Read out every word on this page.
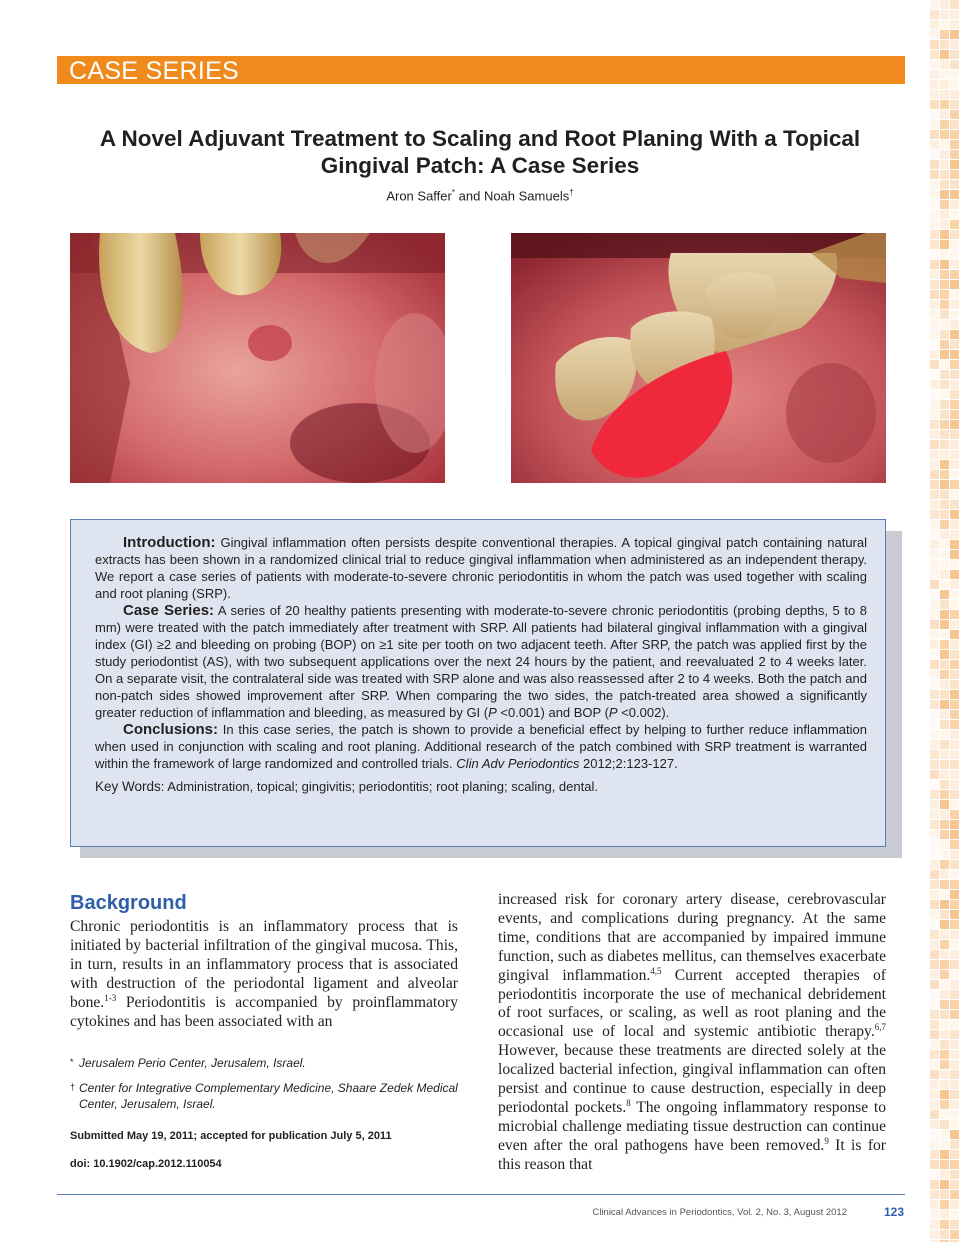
CASE SERIES
A Novel Adjuvant Treatment to Scaling and Root Planing With a Topical
Gingival Patch: A Case Series
Aron Saffer* and Noah Samuels†

Introduction: Gingival inflammation often persists despite conventional therapies. A topical gingival patch containing natural extracts has been shown in a randomized clinical trial to reduce gingival inflammation when administered as an independent therapy. We report a case series of patients with moderate-to-severe chronic periodontitis in whom the patch was used together with scaling and root planing (SRP).

Case Series: A series of 20 healthy patients presenting with moderate-to-severe chronic periodontitis (probing depths, 5 to 8 mm) were treated with the patch immediately after treatment with SRP. All patients had bilateral gingival inflammation with a gingival index (GI) ≥2 and bleeding on probing (BOP) on ≥1 site per tooth on two adjacent teeth. After SRP, the patch was applied first by the study periodontist (AS), with two subsequent applications over the next 24 hours by the patient, and reevaluated 2 to 4 weeks later. On a separate visit, the contralateral side was treated with SRP alone and was also reassessed after 2 to 4 weeks. Both the patch and non-patch sides showed improvement after SRP. When comparing the two sides, the patch-treated area showed a significantly greater reduction of inflammation and bleeding, as measured by GI (P <0.001) and BOP (P <0.002).

Conclusions: In this case series, the patch is shown to provide a beneficial effect by helping to further reduce inflammation when used in conjunction with scaling and root planing. Additional research of the patch combined with SRP treatment is warranted within the framework of large randomized and controlled trials. Clin Adv Periodontics 2012;2:123-127.

Key Words: Administration, topical; gingivitis; periodontitis; root planing; scaling, dental.

Background

Chronic periodontitis is an inflammatory process that is initiated by bacterial infiltration of the gingival mucosa. This, in turn, results in an inflammatory process that is associated with destruction of the periodontal ligament and alveolar bone.$^{1-3}$ Periodontitis is accompanied by proinflammatory cytokines and has been associated with an

increased risk for coronary artery disease, cerebrovascular events, and complications during pregnancy. At the same time, conditions that are accompanied by impaired immune function, such as diabetes mellitus, can themselves exacerbate gingival inflammation.$^{4,5}$ Current accepted therapies of periodontitis incorporate the use of mechanical debridement of root surfaces, or scaling, as well as root planing and the occasional use of local and systemic antibiotic therapy.$^{6,7}$ However, because these treatments are directed solely at the localized bacterial infection, gingival inflammation can often persist and continue to cause destruction, especially in deep periodontal pockets.$^8$ The ongoing inflammatory response to microbial challenge mediating tissue destruction can continue even after the oral pathogens have been removed.$^9$ It is for this reason that

* Jerusalem Perio Center, Jerusalem, Israel.
† Center for Integrative Complementary Medicine, Shaare Zedek Medical Center, Jerusalem, Israel.
Submitted May 19, 2011; accepted for publication July 5, 2011
doi: 10.1902/cap.2012.110054
Clinical Advances in Periodontics, Vol. 2, No. 3, August 2012	123
